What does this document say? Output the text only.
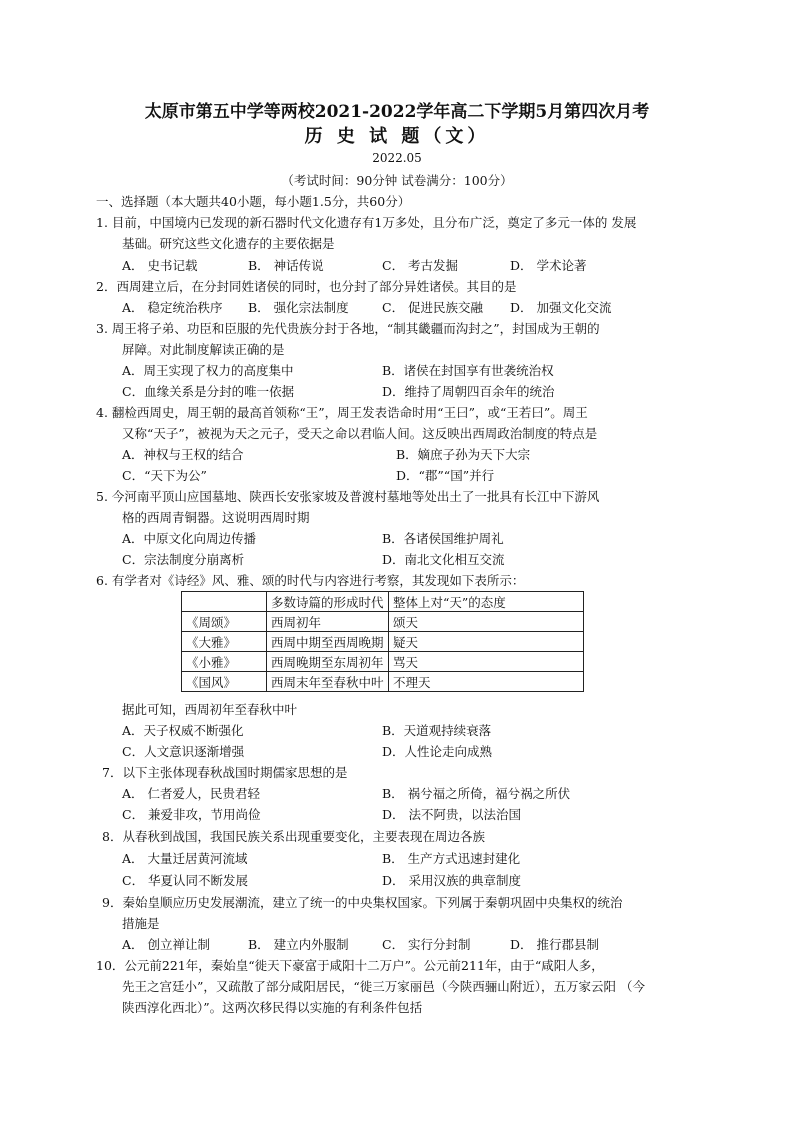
太原市第五中学等两校2021-2022学年高二下学期5月第四次月考
历 史 试 题（文）
2022.05
（考试时间：90分钟 试卷满分：100分）
一、选择题（本大题共40小题，每小题1.5分，共60分）
1. 目前，中国境内已发现的新石器时代文化遗存有1万多处，且分布广泛，奠定了多元一体的 发展
基础。研究这些文化遗存的主要依据是
A． 史书记载	B． 神话传说	C． 考古发掘	D． 学术论著
2．西周建立后，在分封同姓诸侯的同时，也分封了部分异姓诸侯。其目的是
A． 稳定统治秩序 B． 强化宗法制度	C． 促进民族交融 D． 加强文化交流
3. 周王将子弟、功臣和臣服的先代贵族分封于各地，“制其畿疆而沟封之”，封国成为王朝的
屏障。对此制度解读正确的是
A．周王实现了权力的高度集中	B．诸侯在封国享有世袭统治权
C．血缘关系是分封的唯一依据	D．维持了周朝四百余年的统治
4. 翻检西周史，周王朝的最高首领称“王”，周王发表诰命时用“王曰”，或“王若曰”。周王
又称“天子”，被视为天之元子，受天之命以君临人间。这反映出西周政治制度的特点是
A．神权与王权的结合	B．嫡庶子孙为天下大宗
C．“天下为公”	D．“郡”“国”并行
5. 今河南平顶山应国墓地、陕西长安张家坡及普渡村墓地等处出土了一批具有长江中下游风
格的西周青铜器。这说明西周时期
A．中原文化向周边传播	B．各诸侯国维护周礼
C．宗法制度分崩离析	D．南北文化相互交流
6. 有学者对《诗经》风、雅、颂的时代与内容进行考察，其发现如下表所示：
	多数诗篇的形成时代	整体上对“天”的态度
《周颂》	西周初年	颂天
《大雅》	西周中期至西周晚期	疑天
《小雅》	西周晚期至东周初年	骂天
《国风》	西周末年至春秋中叶	不理天
据此可知，西周初年至春秋中叶
A．天子权威不断强化	B．天道观持续衰落
C．人文意识逐渐增强	D．人性论走向成熟
7．以下主张体现春秋战国时期儒家思想的是
A． 仁者爱人，民贵君轻	B． 祸兮福之所倚，福兮祸之所伏
C． 兼爱非攻，节用尚俭	D． 法不阿贵，以法治国
8．从春秋到战国，我国民族关系出现重要变化，主要表现在周边各族
A． 大量迁居黄河流域	B． 生产方式迅速封建化
C． 华夏认同不断发展	D． 采用汉族的典章制度
9．秦始皇顺应历史发展潮流，建立了统一的中央集权国家。下列属于秦朝巩固中央集权的统治
措施是
A． 创立禅让制	B． 建立内外服制	C． 实行分封制	D． 推行郡县制
10．公元前221年，秦始皇“徙天下豪富于咸阳十二万户”。公元前211年，由于“咸阳人多，
先王之宫廷小”，又疏散了部分咸阳居民，“徙三万家丽邑（今陕西骊山附近），五万家云阳 （今
陕西淳化西北）”。这两次移民得以实施的有利条件包括
